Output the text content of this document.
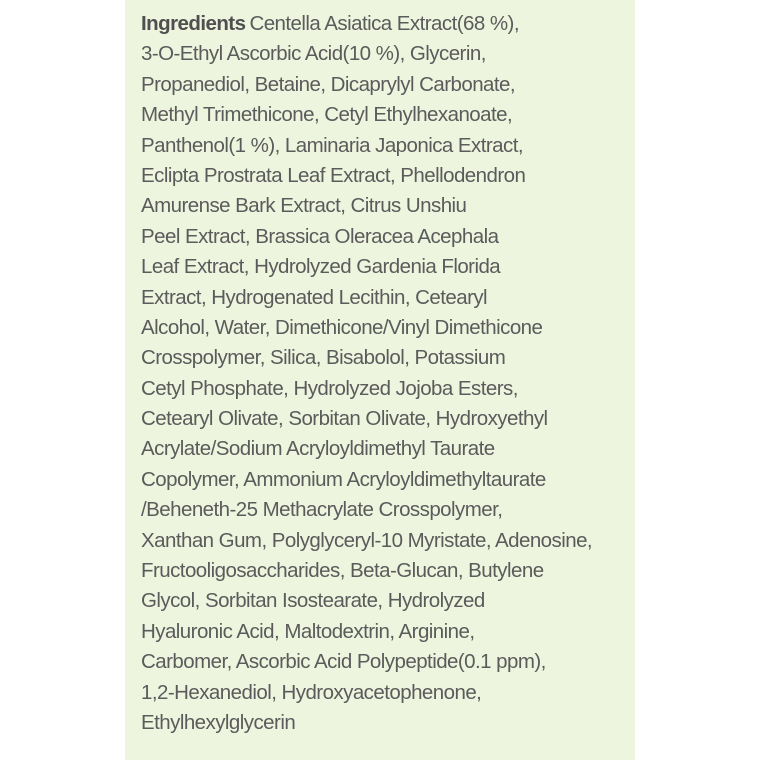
Ingredients Centella Asiatica Extract(68 %),
3-O-Ethyl Ascorbic Acid(10 %), Glycerin,
Propanediol, Betaine, Dicaprylyl Carbonate,
Methyl Trimethicone, Cetyl Ethylhexanoate,
Panthenol(1 %), Laminaria Japonica Extract,
Eclipta Prostrata Leaf Extract, Phellodendron
Amurense Bark Extract, Citrus Unshiu
Peel Extract, Brassica Oleracea Acephala
Leaf Extract, Hydrolyzed Gardenia Florida
Extract, Hydrogenated Lecithin, Cetearyl
Alcohol, Water, Dimethicone/Vinyl Dimethicone
Crosspolymer, Silica, Bisabolol, Potassium
Cetyl Phosphate, Hydrolyzed Jojoba Esters,
Cetearyl Olivate, Sorbitan Olivate, Hydroxyethyl
Acrylate/Sodium Acryloyldimethyl Taurate
Copolymer, Ammonium Acryloyldimethyltaurate
/Beheneth-25 Methacrylate Crosspolymer,
Xanthan Gum, Polyglyceryl-10 Myristate, Adenosine,
Fructooligosaccharides, Beta-Glucan, Butylene
Glycol, Sorbitan Isostearate, Hydrolyzed
Hyaluronic Acid, Maltodextrin, Arginine,
Carbomer, Ascorbic Acid Polypeptide(0.1 ppm),
1,2-Hexanediol, Hydroxyacetophenone,
Ethylhexylglycerin
